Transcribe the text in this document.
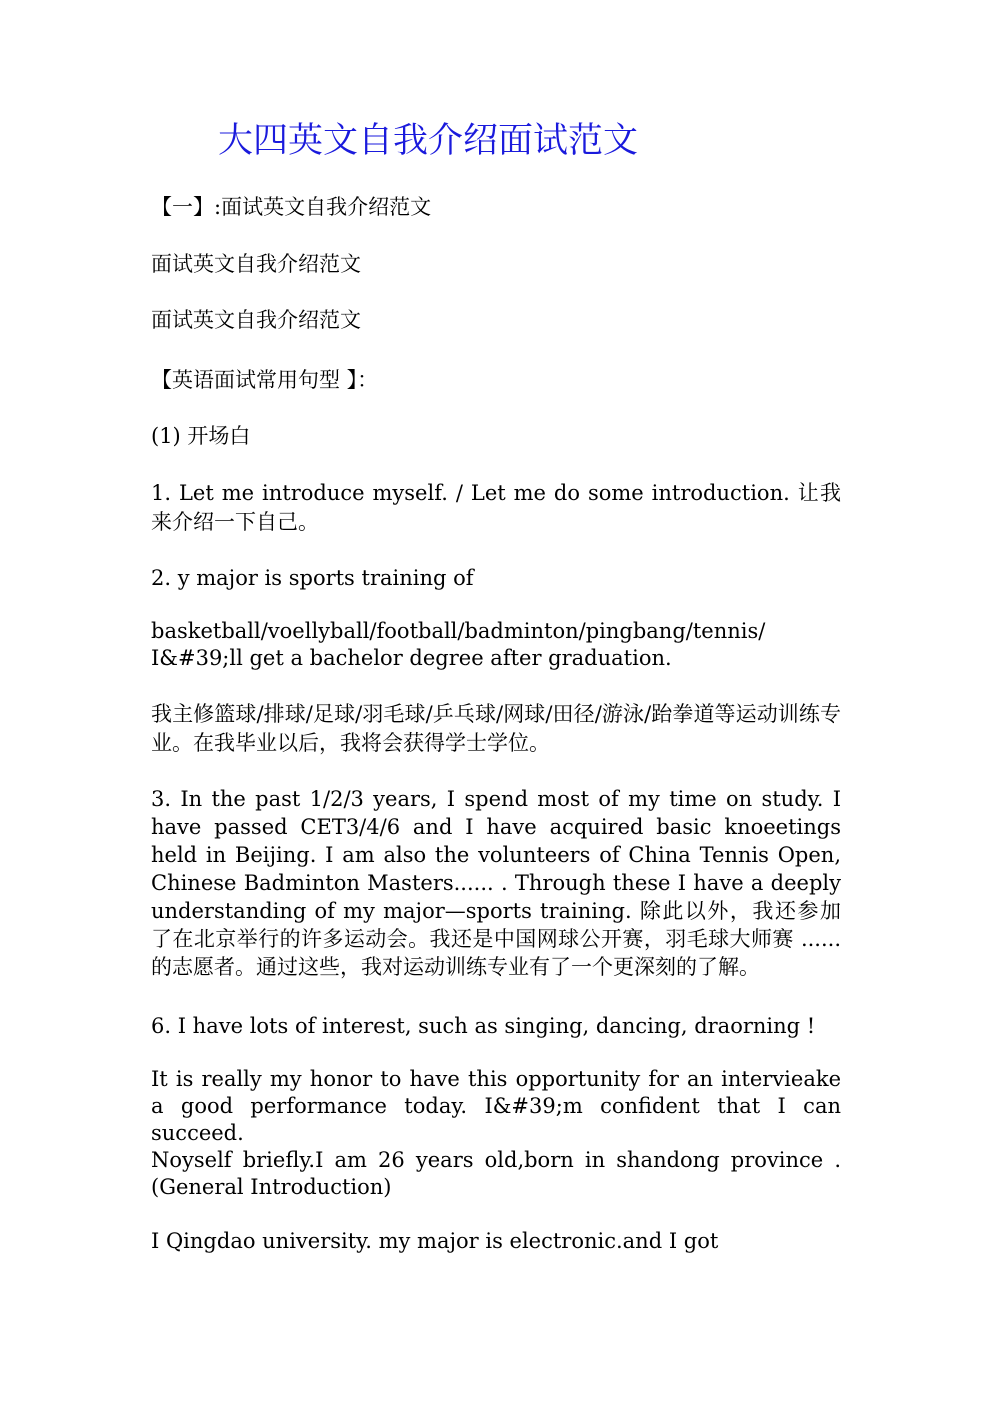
大四英文自我介绍面试范文

【一】:面试英文自我介绍范文

面试英文自我介绍范文

面试英文自我介绍范文

【英语面试常用句型 】：

(1) 开场白

1. Let me introduce myself. / Let me do some introduction. 让我来介绍一下自己。

2. y major is sports training of

basketball/voellyball/football/badminton/pingbang/tennis/ I&#39;ll get a bachelor degree after graduation.

我主修篮球/排球/足球/羽毛球/乒乓球/网球/田径/游泳/跆拳道等运动训练专业。在我毕业以后，我将会获得学士学位。

3. In the past 1/2/3 years, I spend most of my time on study. I have passed CET3/4/6 and I have acquired basic knoeetings held in Beijing. I am also the volunteers of China Tennis Open, Chinese Badminton Masters...... . Through these I have a deeply understanding of my major—sports training. 除此以外，我还参加了在北京举行的许多运动会。我还是中国网球公开赛，羽毛球大师赛 ......的志愿者。通过这些，我对运动训练专业有了一个更深刻的了解。

6. I have lots of interest, such as singing, dancing, draorning !

It is really my honor to have this opportunity for an intervieake a good performance today. I&#39;m confident that I can succeed.

Noyself briefly.I am 26 years old,born in shandong province . (General Introduction)

I Qingdao university. my major is electronic.and I got
